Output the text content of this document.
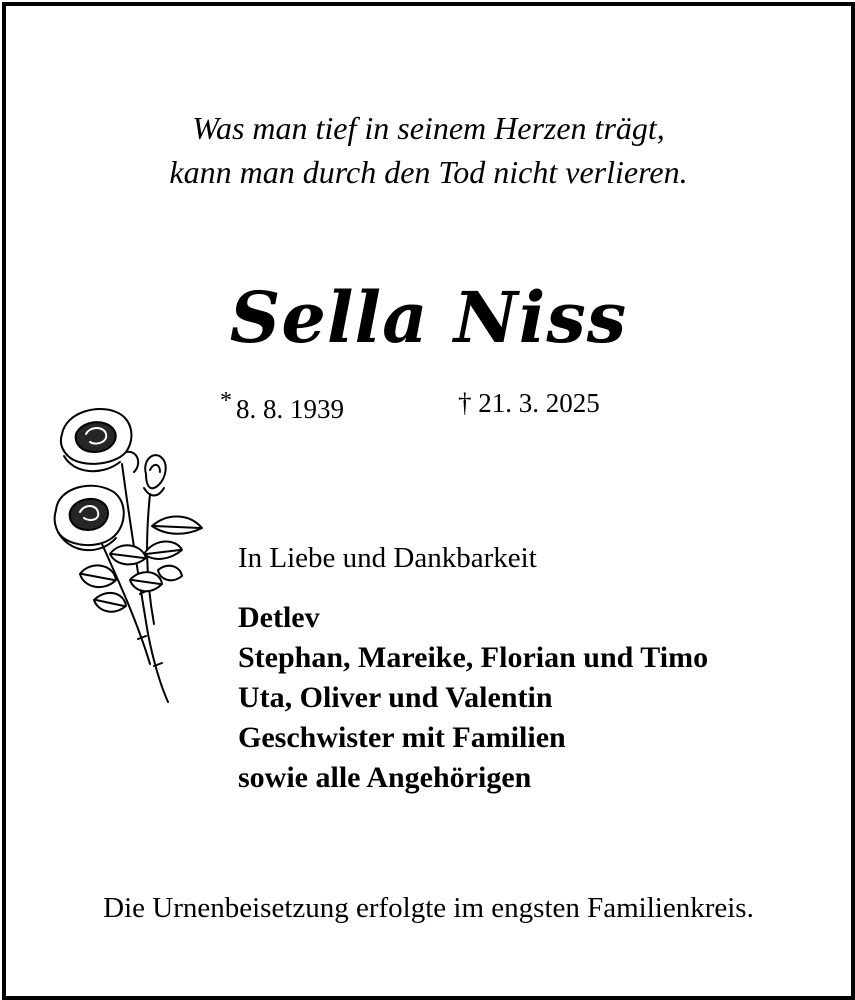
Was man tief in seinem Herzen trägt,
kann man durch den Tod nicht verlieren.
Sella Niss
* 8. 8. 1939	† 21. 3. 2025
In Liebe und Dankbarkeit
Detlev
Stephan, Mareike, Florian und Timo
Uta, Oliver und Valentin
Geschwister mit Familien
sowie alle Angehörigen
Die Urnenbeisetzung erfolgte im engsten Familienkreis.
